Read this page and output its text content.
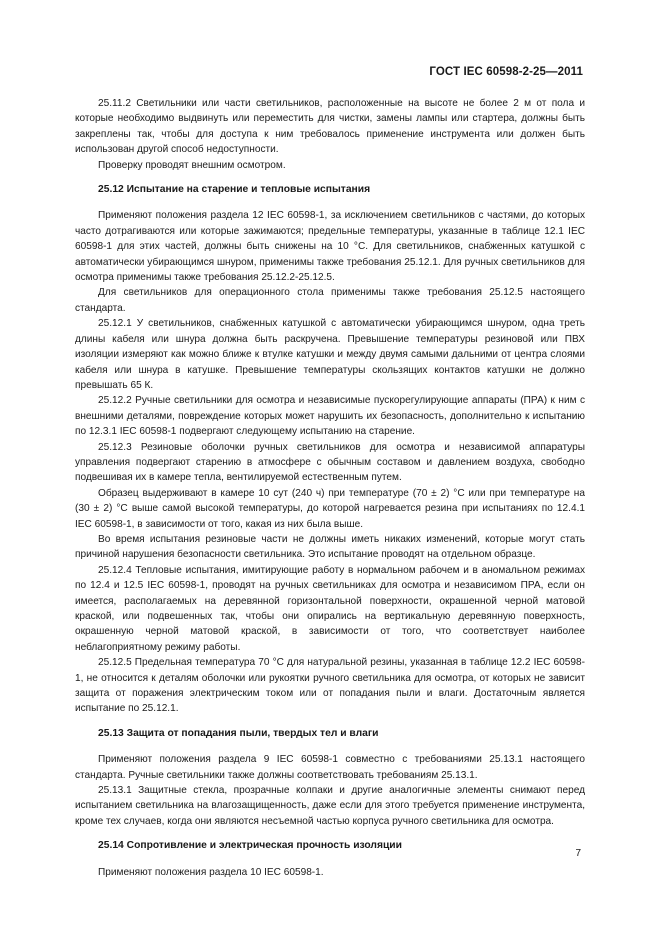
ГОСТ IEC 60598-2-25—2011

25.11.2 Светильники или части светильников, расположенные на высоте не более 2 м от пола и которые необходимо выдвинуть или переместить для чистки, замены лампы или стартера, должны быть закреплены так, чтобы для доступа к ним требовалось применение инструмента или должен быть использован другой способ недоступности.

Проверку проводят внешним осмотром.

25.12 Испытание на старение и тепловые испытания

Применяют положения раздела 12 IEC 60598-1, за исключением светильников с частями, до которых часто дотрагиваются или которые зажимаются; предельные температуры, указанные в таблице 12.1 IEC 60598-1 для этих частей, должны быть снижены на 10 °C. Для светильников, снабженных катушкой с автоматически убирающимся шнуром, применимы также требования 25.12.1. Для ручных светильников для осмотра применимы также требования 25.12.2-25.12.5.

Для светильников для операционного стола применимы также требования 25.12.5 настоящего стандарта.

25.12.1 У светильников, снабженных катушкой с автоматически убирающимся шнуром, одна треть длины кабеля или шнура должна быть раскручена. Превышение температуры резиновой или ПВХ изоляции измеряют как можно ближе к втулке катушки и между двумя самыми дальними от центра слоями кабеля или шнура в катушке. Превышение температуры скользящих контактов катушки не должно превышать 65 К.

25.12.2 Ручные светильники для осмотра и независимые пускорегулирующие аппараты (ПРА) к ним с внешними деталями, повреждение которых может нарушить их безопасность, дополнительно к испытанию по 12.3.1 IEC 60598-1 подвергают следующему испытанию на старение.

25.12.3 Резиновые оболочки ручных светильников для осмотра и независимой аппаратуры управления подвергают старению в атмосфере с обычным составом и давлением воздуха, свободно подвешивая их в камере тепла, вентилируемой естественным путем.

Образец выдерживают в камере 10 сут (240 ч) при температуре (70 ± 2) °C или при температуре на (30 ± 2) °C выше самой высокой температуры, до которой нагревается резина при испытаниях по 12.4.1 IEC 60598-1, в зависимости от того, какая из них была выше.

Во время испытания резиновые части не должны иметь никаких изменений, которые могут стать причиной нарушения безопасности светильника. Это испытание проводят на отдельном образце.

25.12.4 Тепловые испытания, имитирующие работу в нормальном рабочем и в аномальном режимах по 12.4 и 12.5 IEC 60598-1, проводят на ручных светильниках для осмотра и независимом ПРА, если он имеется, располагаемых на деревянной горизонтальной поверхности, окрашенной черной матовой краской, или подвешенных так, чтобы они опирались на вертикальную деревянную поверхность, окрашенную черной матовой краской, в зависимости от того, что соответствует наиболее неблагоприятному режиму работы.

25.12.5 Предельная температура 70 °C для натуральной резины, указанная в таблице 12.2 IEC 60598-1, не относится к деталям оболочки или рукоятки ручного светильника для осмотра, от которых не зависит защита от поражения электрическим током или от попадания пыли и влаги. Достаточным является испытание по 25.12.1.

25.13 Защита от попадания пыли, твердых тел и влаги

Применяют положения раздела 9 IEC 60598-1 совместно с требованиями 25.13.1 настоящего стандарта. Ручные светильники также должны соответствовать требованиям 25.13.1.

25.13.1 Защитные стекла, прозрачные колпаки и другие аналогичные элементы снимают перед испытанием светильника на влагозащищенность, даже если для этого требуется применение инструмента, кроме тех случаев, когда они являются несъемной частью корпуса ручного светильника для осмотра.

25.14 Сопротивление и электрическая прочность изоляции

Применяют положения раздела 10 IEC 60598-1.

7
